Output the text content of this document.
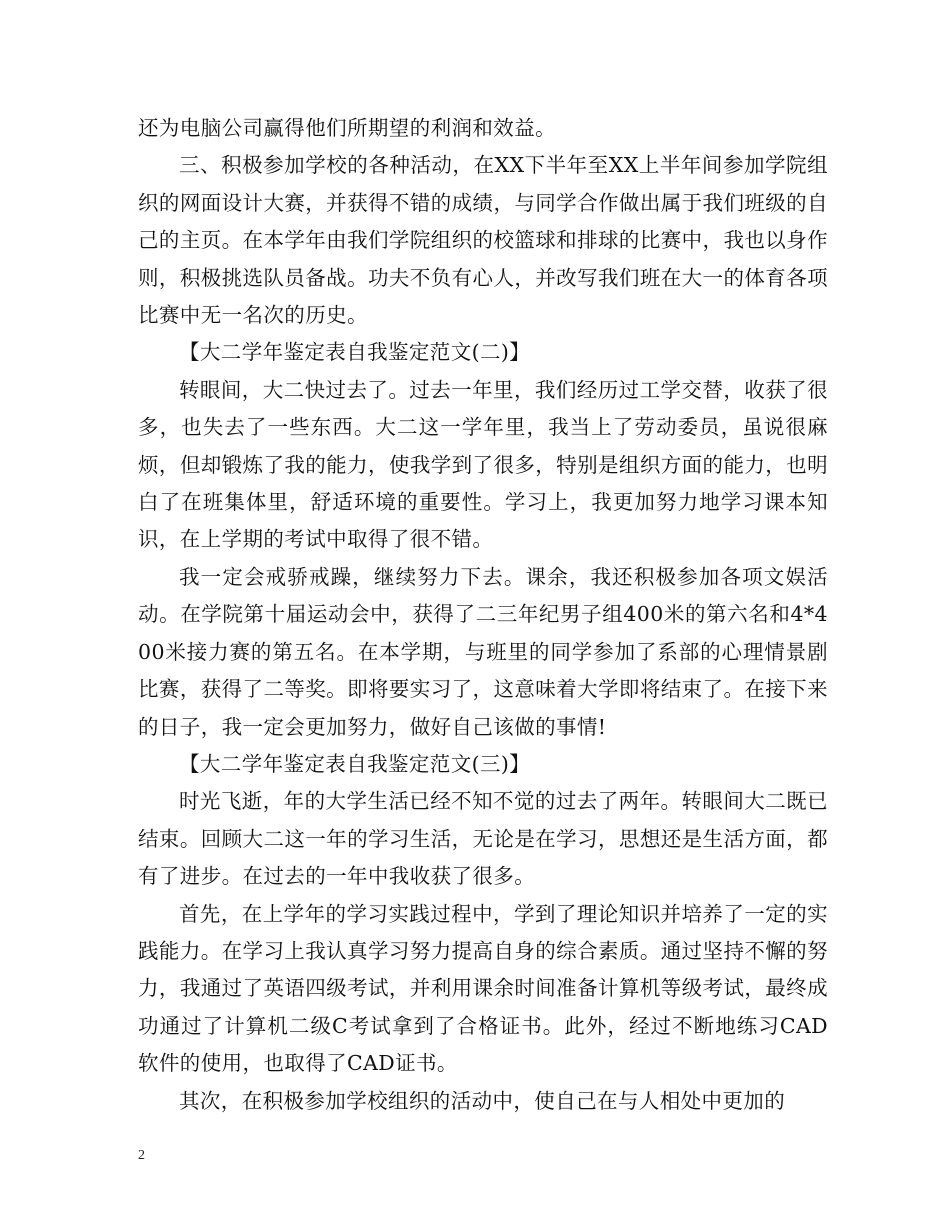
还为电脑公司赢得他们所期望的利润和效益。

三、积极参加学校的各种活动，在XX下半年至XX上半年间参加学院组织的网面设计大赛，并获得不错的成绩，与同学合作做出属于我们班级的自己的主页。在本学年由我们学院组织的校篮球和排球的比赛中，我也以身作则，积极挑选队员备战。功夫不负有心人，并改写我们班在大一的体育各项比赛中无一名次的历史。

【大二学年鉴定表自我鉴定范文(二)】

转眼间，大二快过去了。过去一年里，我们经历过工学交替，收获了很多，也失去了一些东西。大二这一学年里，我当上了劳动委员，虽说很麻烦，但却锻炼了我的能力，使我学到了很多，特别是组织方面的能力，也明白了在班集体里，舒适环境的重要性。学习上，我更加努力地学习课本知识，在上学期的考试中取得了很不错。

我一定会戒骄戒躁，继续努力下去。课余，我还积极参加各项文娱活动。在学院第十届运动会中，获得了二三年纪男子组400米的第六名和4*400米接力赛的第五名。在本学期，与班里的同学参加了系部的心理情景剧比赛，获得了二等奖。即将要实习了，这意味着大学即将结束了。在接下来的日子，我一定会更加努力，做好自己该做的事情!

【大二学年鉴定表自我鉴定范文(三)】

时光飞逝，年的大学生活已经不知不觉的过去了两年。转眼间大二既已结束。回顾大二这一年的学习生活，无论是在学习，思想还是生活方面，都有了进步。在过去的一年中我收获了很多。

首先，在上学年的学习实践过程中，学到了理论知识并培养了一定的实践能力。在学习上我认真学习努力提高自身的综合素质。通过坚持不懈的努力，我通过了英语四级考试，并利用课余时间准备计算机等级考试，最终成功通过了计算机二级C考试拿到了合格证书。此外，经过不断地练习CAD软件的使用，也取得了CAD证书。

其次，在积极参加学校组织的活动中，使自己在与人相处中更加的

2
